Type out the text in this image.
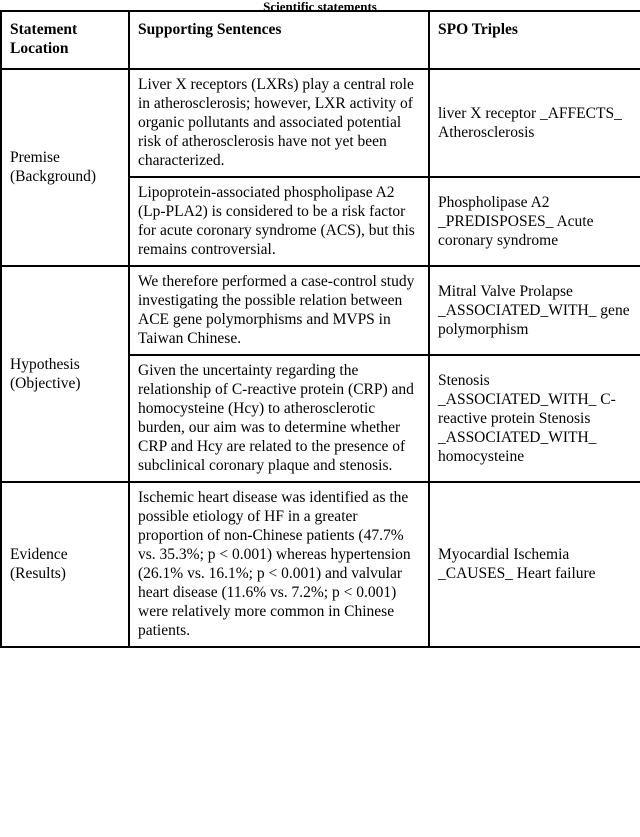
Scientific statements
Statement Location	Supporting Sentences	SPO Triples
Premise (Background)	Liver X receptors (LXRs) play a central role in atherosclerosis; however, LXR activity of organic pollutants and associated potential risk of atherosclerosis have not yet been characterized.	liver X receptor _AFFECTS_ Atherosclerosis
	Lipoprotein-associated phospholipase A2 (Lp-PLA2) is considered to be a risk factor for acute coronary syndrome (ACS), but this remains controversial.	Phospholipase A2 _PREDISPOSES_ Acute coronary syndrome
Hypothesis (Objective)	We therefore performed a case-control study investigating the possible relation between ACE gene polymorphisms and MVPS in Taiwan Chinese.	Mitral Valve Prolapse _ASSOCIATED_WITH_ gene polymorphism
	Given the uncertainty regarding the relationship of C-reactive protein (CRP) and homocysteine (Hcy) to atherosclerotic burden, our aim was to determine whether CRP and Hcy are related to the presence of subclinical coronary plaque and stenosis.	Stenosis _ASSOCIATED_WITH_ C-reactive protein Stenosis _ASSOCIATED_WITH_ homocysteine
Evidence (Results)	Ischemic heart disease was identified as the possible etiology of HF in a greater proportion of non-Chinese patients (47.7% vs. 35.3%; p < 0.001) whereas hypertension (26.1% vs. 16.1%; p < 0.001) and valvular heart disease (11.6% vs. 7.2%; p < 0.001) were relatively more common in Chinese patients.	Myocardial Ischemia _CAUSES_ Heart failure
